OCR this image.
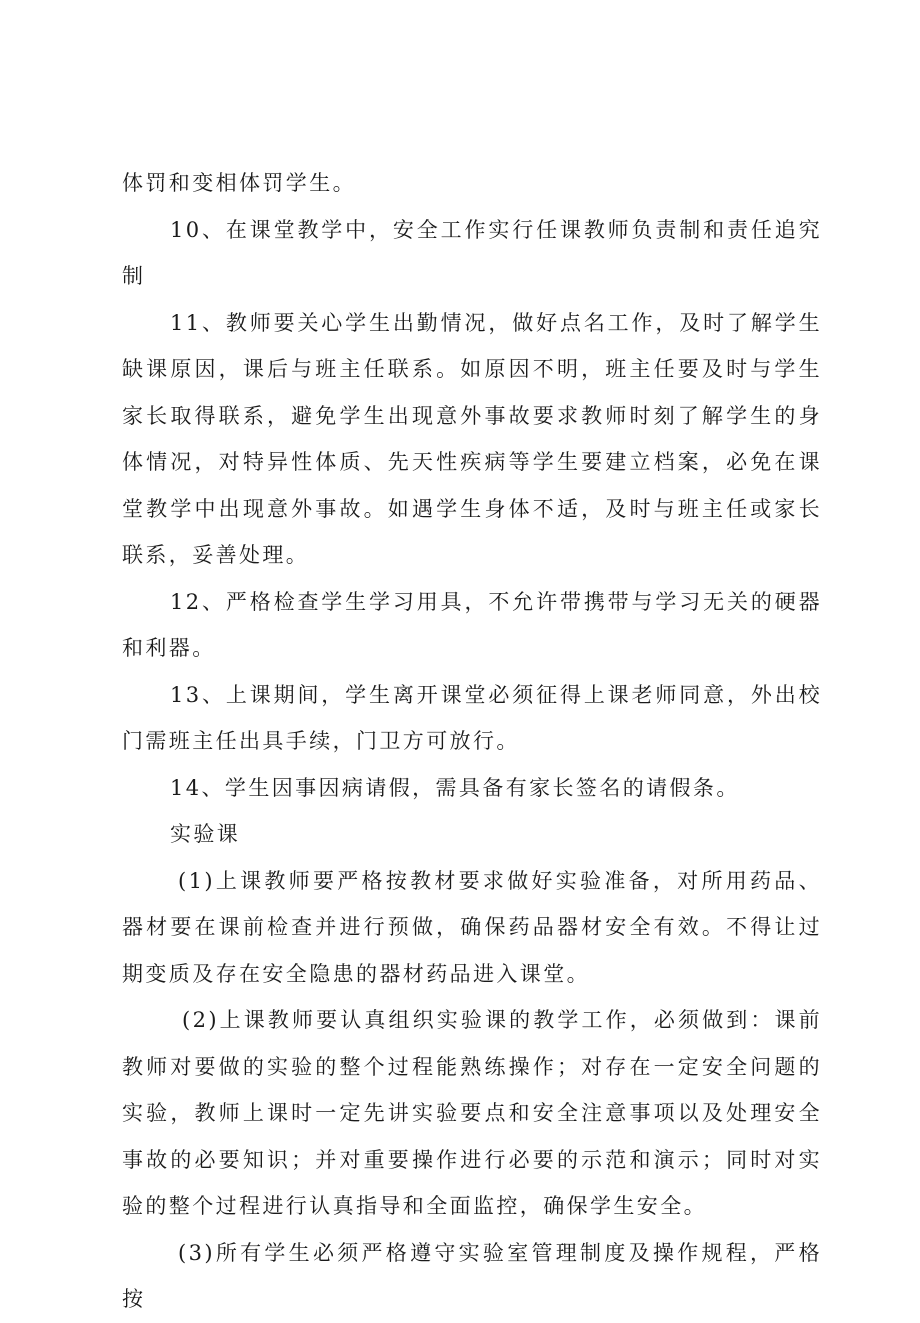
体罚和变相体罚学生。

10、在课堂教学中，安全工作实行任课教师负责制和责任追究制

11、教师要关心学生出勤情况，做好点名工作，及时了解学生缺课原因，课后与班主任联系。如原因不明，班主任要及时与学生家长取得联系，避免学生出现意外事故要求教师时刻了解学生的身体情况，对特异性体质、先天性疾病等学生要建立档案，必免在课堂教学中出现意外事故。如遇学生身体不适，及时与班主任或家长联系，妥善处理。

12、严格检查学生学习用具，不允许带携带与学习无关的硬器和利器。

13、上课期间，学生离开课堂必须征得上课老师同意，外出校门需班主任出具手续，门卫方可放行。

14、学生因事因病请假，需具备有家长签名的请假条。

实验课

(1)上课教师要严格按教材要求做好实验准备，对所用药品、器材要在课前检查并进行预做，确保药品器材安全有效。不得让过期变质及存在安全隐患的器材药品进入课堂。

(2)上课教师要认真组织实验课的教学工作，必须做到：课前教师对要做的实验的整个过程能熟练操作；对存在一定安全问题的实验，教师上课时一定先讲实验要点和安全注意事项以及处理安全事故的必要知识；并对重要操作进行必要的示范和演示；同时对实验的整个过程进行认真指导和全面监控，确保学生安全。

(3)所有学生必须严格遵守实验室管理制度及操作规程，严格按
